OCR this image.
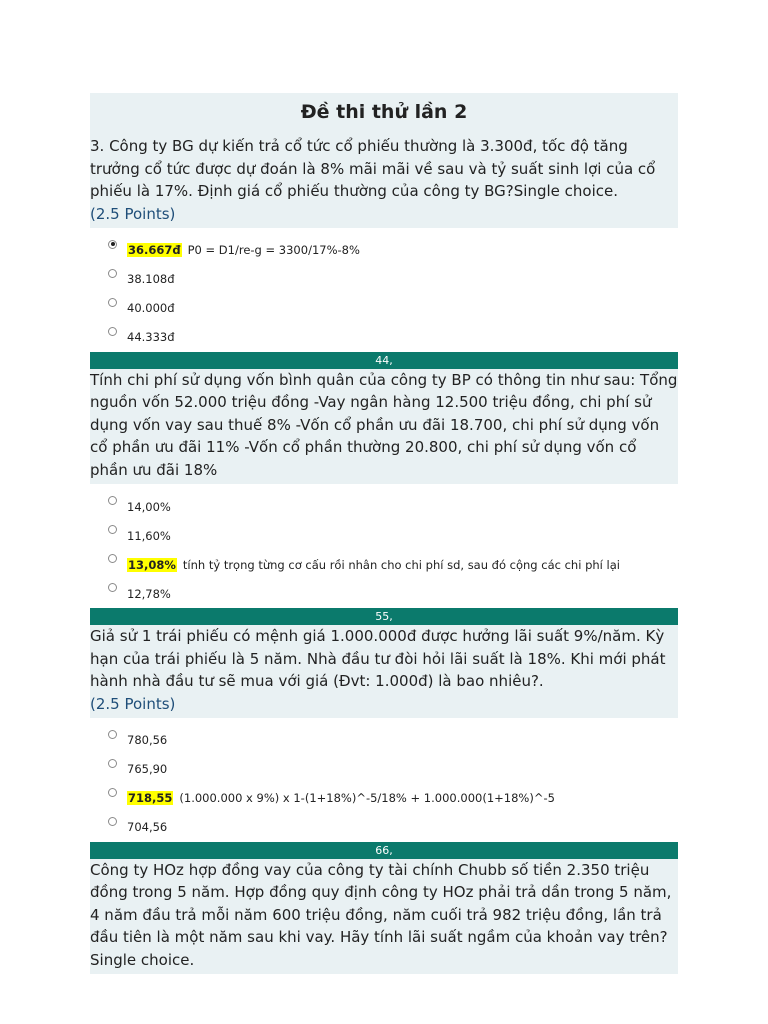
Đề thi thử lần 2
3. Công ty BG dự kiến trả cổ tức cổ phiếu thường là 3.300đ, tốc độ tăng trưởng cổ tức được dự đoán là 8% mãi mãi về sau và tỷ suất sinh lợi của cổ phiếu là 17%. Định giá cổ phiếu thường của công ty BG?Single choice.
(2.5 Points)
36.667đ P0 = D1/re-g = 3300/17%-8%
38.108đ
40.000đ
44.333đ
44,
Tính chi phí sử dụng vốn bình quân của công ty BP có thông tin như sau: Tổng nguồn vốn 52.000 triệu đồng -Vay ngân hàng 12.500 triệu đồng, chi phí sử dụng vốn vay sau thuế 8% -Vốn cổ phần ưu đãi 18.700, chi phí sử dụng vốn cổ phần ưu đãi 11% -Vốn cổ phần thường 20.800, chi phí sử dụng vốn cổ phần ưu đãi 18%
14,00%
11,60%
13,08% tính tỷ trọng từng cơ cấu rồi nhân cho chi phí sd, sau đó cộng các chi phí lại
12,78%
55,
Giả sử 1 trái phiếu có mệnh giá 1.000.000đ được hưởng lãi suất 9%/năm. Kỳ hạn của trái phiếu là 5 năm. Nhà đầu tư đòi hỏi lãi suất là 18%. Khi mới phát hành nhà đầu tư sẽ mua với giá (Đvt: 1.000đ) là bao nhiêu?.
(2.5 Points)
780,56
765,90
718,55 (1.000.000 x 9%) x 1-(1+18%)^-5/18% + 1.000.000(1+18%)^-5
704,56
66,
Công ty HOz hợp đồng vay của công ty tài chính Chubb số tiền 2.350 triệu đồng trong 5 năm. Hợp đồng quy định công ty HOz phải trả dần trong 5 năm, 4 năm đầu trả mỗi năm 600 triệu đồng, năm cuối trả 982 triệu đồng, lần trả đầu tiên là một năm sau khi vay. Hãy tính lãi suất ngầm của khoản vay trên?Single choice.
